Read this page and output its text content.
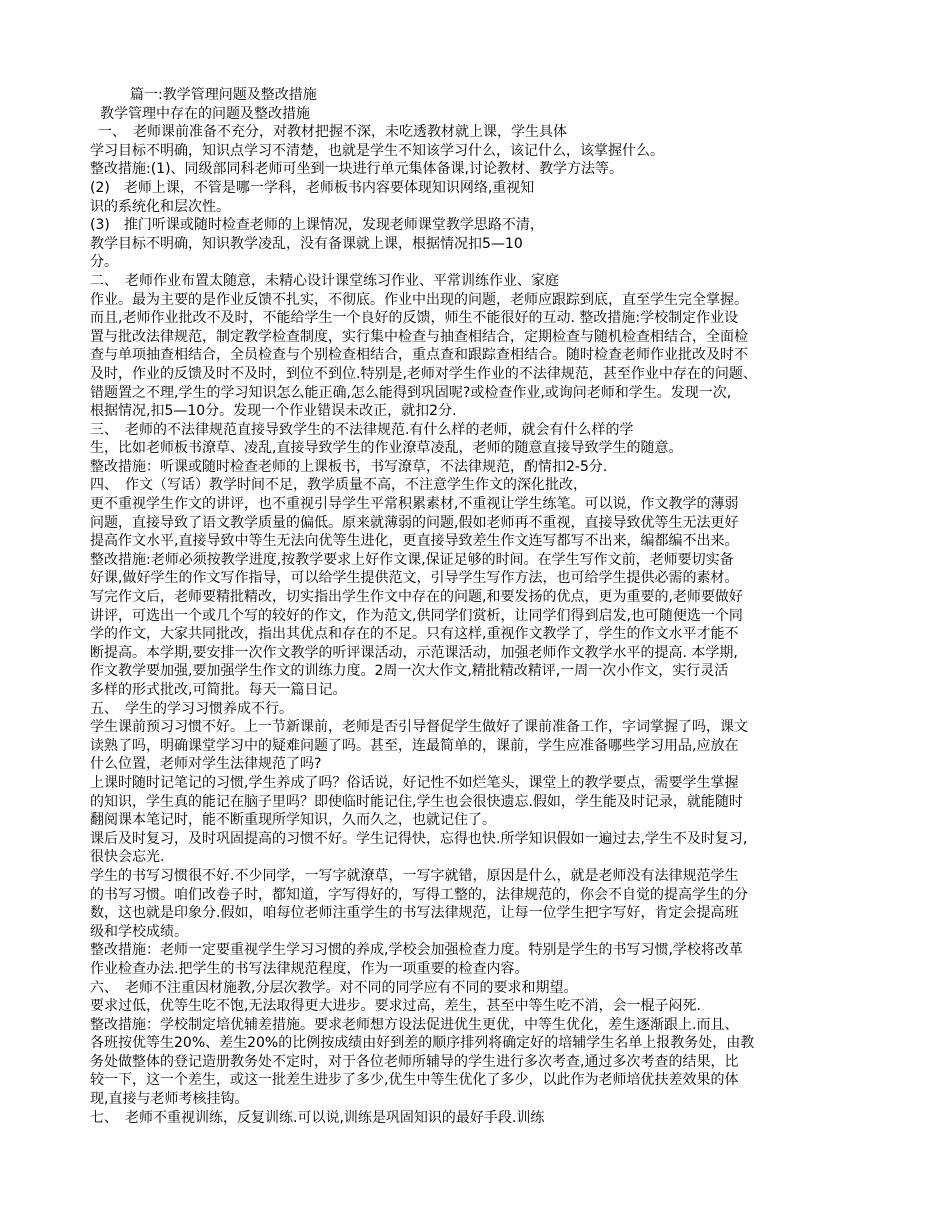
篇一:教学管理问题及整改措施
教学管理中存在的问题及整改措施
一、　老师课前准备不充分，对教材把握不深，未吃透教材就上课，学生具体
学习目标不明确，知识点学习不清楚，也就是学生不知该学习什么，该记什么，该掌握什么。
整改措施:(1)、同级部同科老师可坐到一块进行单元集体备课,讨论教材、教学方法等。
(2)　老师上课，不管是哪一学科，老师板书内容要体现知识网络,重视知
识的系统化和层次性。
(3)　推门听课或随时检查老师的上课情况，发现老师课堂教学思路不清，
教学目标不明确，知识教学凌乱，没有备课就上课，根据情况扣5—10
分。
二、　老师作业布置太随意，未精心设计课堂练习作业、平常训练作业、家庭
作业。最为主要的是作业反馈不扎实，不彻底。作业中出现的问题，老师应跟踪到底，直至学生完全掌握。
而且,老师作业批改不及时，不能给学生一个良好的反馈，师生不能很好的互动. 整改措施:学校制定作业设
置与批改法律规范，制定教学检查制度，实行集中检查与抽查相结合，定期检查与随机检查相结合，全面检
查与单项抽查相结合，全员检查与个别检查相结合，重点查和跟踪查相结合。随时检查老师作业批改及时不
及时，作业的反馈及时不及时，到位不到位.特别是,老师对学生作业的不法律规范，甚至作业中存在的问题、
错题置之不理,学生的学习知识怎么能正确,怎么能得到巩固呢?或检查作业,或询问老师和学生。发现一次,
根据情况,扣5—10分。发现一个作业错误未改正，就扣2分.
三、　老师的不法律规范直接导致学生的不法律规范.有什么样的老师，就会有什么样的学
生，比如老师板书潦草、凌乱,直接导致学生的作业潦草凌乱，老师的随意直接导致学生的随意。
整改措施：听课或随时检查老师的上课板书，书写潦草，不法律规范，酌情扣2-5分.
四、　作文（写话）教学时间不足，教学质量不高，不注意学生作文的深化批改，
更不重视学生作文的讲评，也不重视引导学生平常积累素材,不重视让学生练笔。可以说，作文教学的薄弱
问题，直接导致了语文教学质量的偏低。原来就薄弱的问题,假如老师再不重视，直接导致优等生无法更好
提高作文水平,直接导致中等生无法向优等生进化，更直接导致差生作文连写都写不出来，编都编不出来。
整改措施:老师必须按教学进度,按教学要求上好作文课,保证足够的时间。在学生写作文前，老师要切实备
好课,做好学生的作文写作指导，可以给学生提供范文，引导学生写作方法，也可给学生提供必需的素材。
写完作文后，老师要精批精改，切实指出学生作文中存在的问题,和要发扬的优点，更为重要的,老师要做好
讲评，可选出一个或几个写的较好的作文，作为范文,供同学们赏析，让同学们得到启发,也可随便选一个同
学的作文，大家共同批改，指出其优点和存在的不足。只有这样,重视作文教学了，学生的作文水平才能不
断提高。本学期,要安排一次作文教学的听评课活动，示范课活动，加强老师作文教学水平的提高. 本学期,
作文教学要加强,要加强学生作文的训练力度。2周一次大作文,精批精改精评,一周一次小作文，实行灵活
多样的形式批改,可简批。每天一篇日记。
五、　学生的学习习惯养成不行。
学生课前预习习惯不好。上一节新课前，老师是否引导督促学生做好了课前准备工作，字词掌握了吗，课文
读熟了吗，明确课堂学习中的疑难问题了吗。甚至，连最简单的，课前，学生应准备哪些学习用品,应放在
什么位置，老师对学生法律规范了吗?
上课时随时记笔记的习惯,学生养成了吗？俗话说，好记性不如烂笔头，课堂上的教学要点，需要学生掌握
的知识，学生真的能记在脑子里吗？即使临时能记住,学生也会很快遗忘.假如，学生能及时记录，就能随时
翻阅课本笔记时，能不断重现所学知识，久而久之，也就记住了。
课后及时复习，及时巩固提高的习惯不好。学生记得快，忘得也快.所学知识假如一遍过去,学生不及时复习,
很快会忘光.
学生的书写习惯很不好.不少同学，一写字就潦草，一写字就错，原因是什么，就是老师没有法律规范学生
的书写习惯。咱们改卷子时，都知道，字写得好的，写得工整的，法律规范的，你会不自觉的提高学生的分
数，这也就是印象分.假如，咱每位老师注重学生的书写法律规范，让每一位学生把字写好，肯定会提高班
级和学校成绩。
整改措施：老师一定要重视学生学习习惯的养成,学校会加强检查力度。特别是学生的书写习惯,学校将改革
作业检查办法.把学生的书写法律规范程度，作为一项重要的检查内容。
六、　老师不注重因材施教,分层次教学。对不同的同学应有不同的要求和期望。
要求过低，优等生吃不饱,无法取得更大进步。要求过高，差生，甚至中等生吃不消，会一棍子闷死.
整改措施：学校制定培优辅差措施。要求老师想方设法促进优生更优，中等生优化，差生逐渐跟上.而且、
各班按优等生20%、差生20%的比例按成绩由好到差的顺序排列将确定好的培辅学生名单上报教务处，由教
务处做整体的登记造册教务处不定时，对于各位老师所辅导的学生进行多次考查,通过多次考查的结果，比
较一下，这一个差生，或这一批差生进步了多少,优生中等生优化了多少，以此作为老师培优扶差效果的体
现,直接与老师考核挂钩。
七、　老师不重视训练，反复训练.可以说,训练是巩固知识的最好手段.训练
